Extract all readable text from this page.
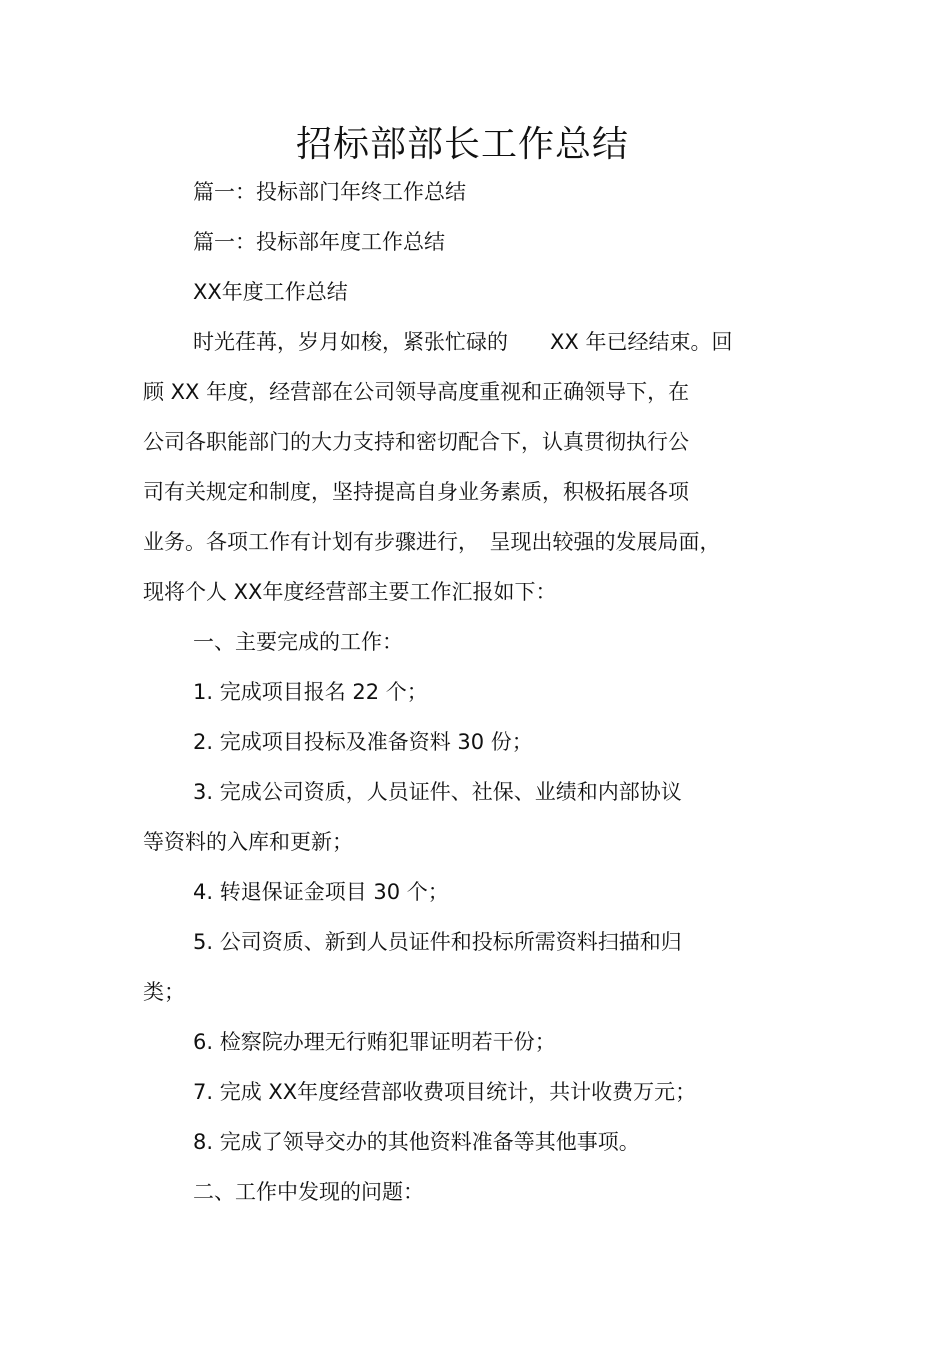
招标部部长工作总结
篇一：投标部门年终工作总结
篇一：投标部年度工作总结
XX年度工作总结
时光荏苒，岁月如梭，紧张忙碌的　　XX 年已经结束。回
顾 XX 年度，经营部在公司领导高度重视和正确领导下，在
公司各职能部门的大力支持和密切配合下，认真贯彻执行公
司有关规定和制度，坚持提高自身业务素质，积极拓展各项
业务。各项工作有计划有步骤进行，　呈现出较强的发展局面，
现将个人 XX年度经营部主要工作汇报如下：
一、主要完成的工作：
1. 完成项目报名 22 个；
2. 完成项目投标及准备资料 30 份；
3. 完成公司资质，人员证件、社保、业绩和内部协议
等资料的入库和更新；
4. 转退保证金项目 30 个；
5. 公司资质、新到人员证件和投标所需资料扫描和归
类；
6. 检察院办理无行贿犯罪证明若干份；
7. 完成 XX年度经营部收费项目统计，共计收费万元；
8. 完成了领导交办的其他资料准备等其他事项。
二、工作中发现的问题：
